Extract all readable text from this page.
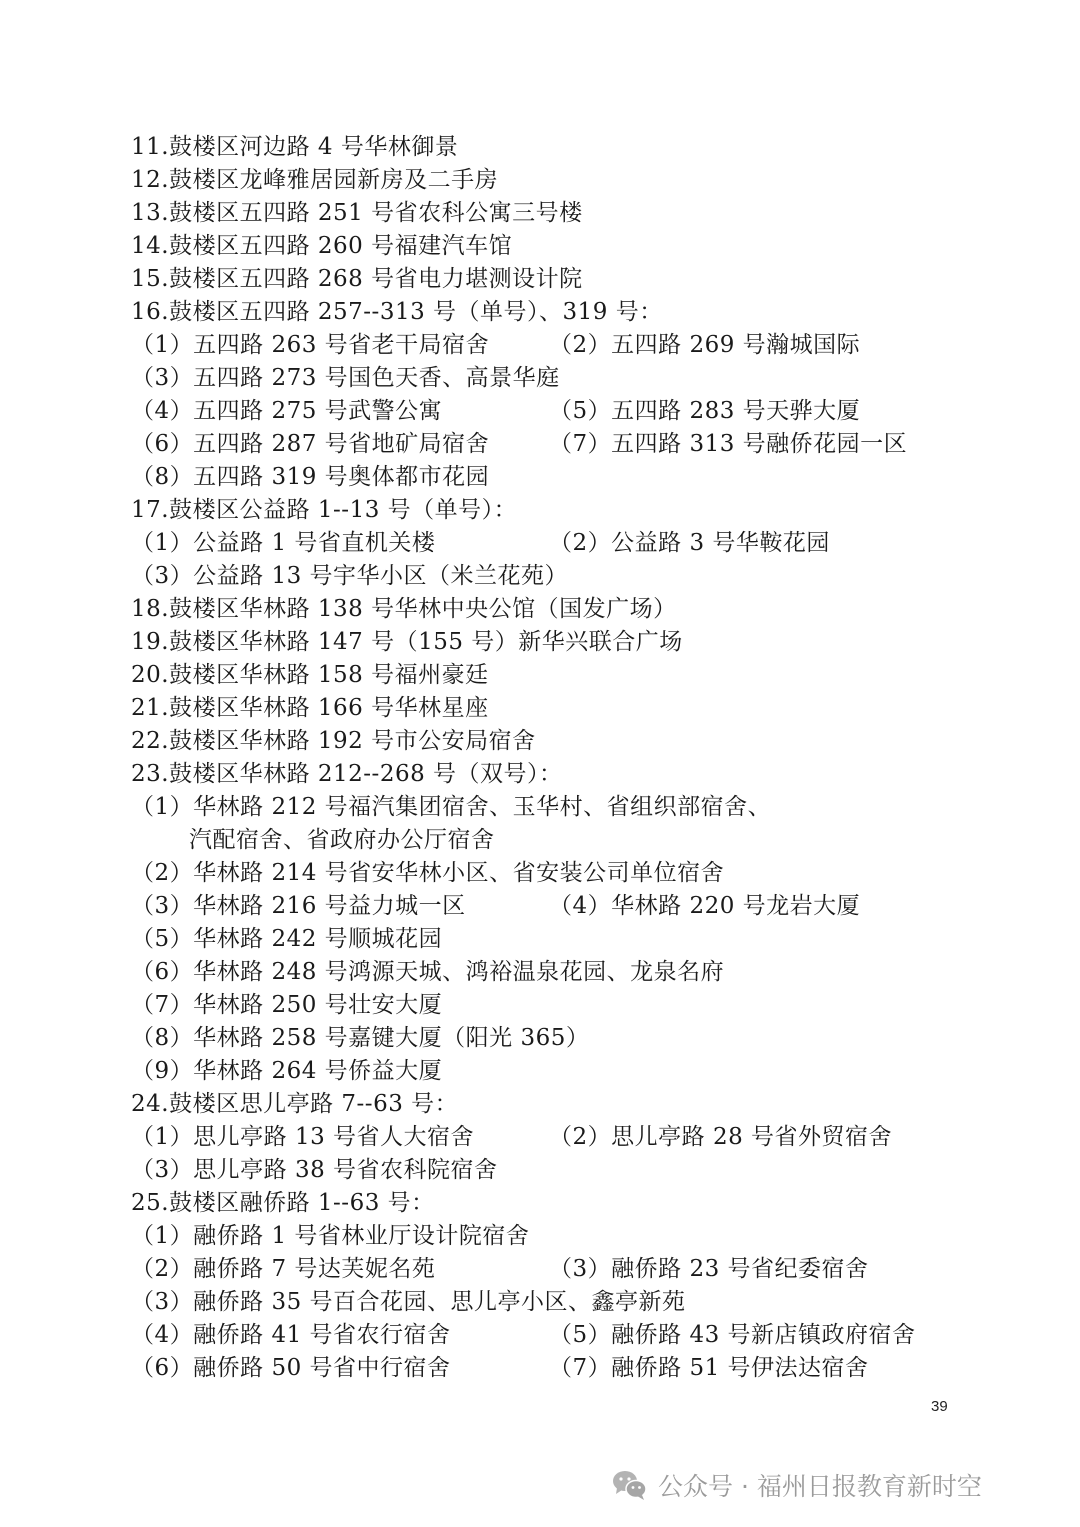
11.鼓楼区河边路 4 号华林御景
12.鼓楼区龙峰雅居园新房及二手房
13.鼓楼区五四路 251 号省农科公寓三号楼
14.鼓楼区五四路 260 号福建汽车馆
15.鼓楼区五四路 268 号省电力堪测设计院
16.鼓楼区五四路 257--313 号（单号）、319 号：
（1）五四路 263 号省老干局宿舍	（2）五四路 269 号瀚城国际
（3）五四路 273 号国色天香、高景华庭
（4）五四路 275 号武警公寓	（5）五四路 283 号天骅大厦
（6）五四路 287 号省地矿局宿舍	（7）五四路 313 号融侨花园一区
（8）五四路 319 号奥体都市花园
17.鼓楼区公益路 1--13 号（单号）：
（1）公益路 1 号省直机关楼	（2）公益路 3 号华鞍花园
（3）公益路 13 号宇华小区（米兰花苑）
18.鼓楼区华林路 138 号华林中央公馆（国发广场）
19.鼓楼区华林路 147 号（155 号）新华兴联合广场
20.鼓楼区华林路 158 号福州豪廷
21.鼓楼区华林路 166 号华林星座
22.鼓楼区华林路 192 号市公安局宿舍
23.鼓楼区华林路 212--268 号（双号）：
（1）华林路 212 号福汽集团宿舍、玉华村、省组织部宿舍、
汽配宿舍、省政府办公厅宿舍
（2）华林路 214 号省安华林小区、省安装公司单位宿舍
（3）华林路 216 号益力城一区	（4）华林路 220 号龙岩大厦
（5）华林路 242 号顺城花园
（6）华林路 248 号鸿源天城、鸿裕温泉花园、龙泉名府
（7）华林路 250 号壮安大厦
（8）华林路 258 号嘉键大厦（阳光 365）
（9）华林路 264 号侨益大厦
24.鼓楼区思儿亭路 7--63 号：
（1）思儿亭路 13 号省人大宿舍	（2）思儿亭路 28 号省外贸宿舍
（3）思儿亭路 38 号省农科院宿舍
25.鼓楼区融侨路 1--63 号：
（1）融侨路 1 号省林业厅设计院宿舍
（2）融侨路 7 号达芙妮名苑	（3）融侨路 23 号省纪委宿舍
（3）融侨路 35 号百合花园、思儿亭小区、鑫亭新苑
（4）融侨路 41 号省农行宿舍	（5）融侨路 43 号新店镇政府宿舍
（6）融侨路 50 号省中行宿舍	（7）融侨路 51 号伊法达宿舍
39
公众号 · 福州日报教育新时空
